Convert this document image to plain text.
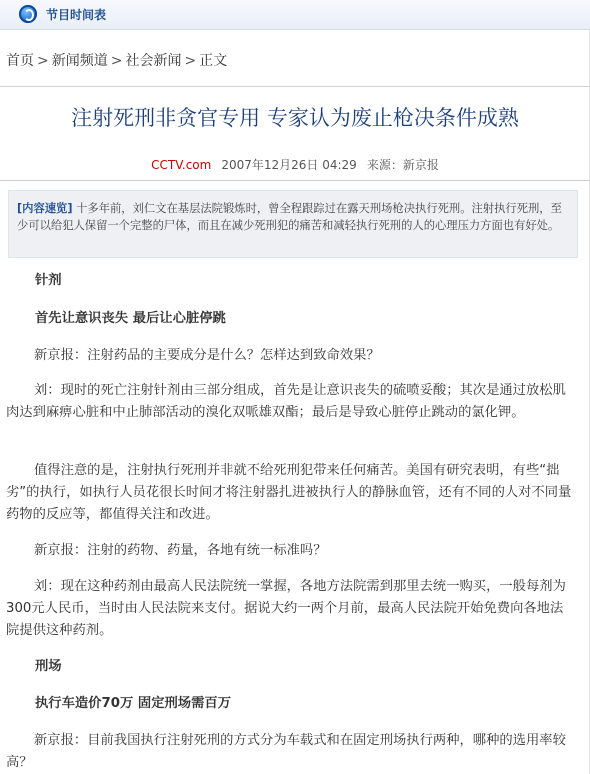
节目时间表
首页 > 新闻频道 > 社会新闻 > 正文
注射死刑非贪官专用 专家认为废止枪决条件成熟
CCTV.com 2007年12月26日 04:29 来源：新京报
[内容速览] 十多年前，刘仁文在基层法院锻炼时，曾全程跟踪过在露天刑场枪决执行死刑。注射执行死刑，至少可以给犯人保留一个完整的尸体，而且在减少死刑犯的痛苦和减轻执行死刑的人的心理压力方面也有好处。
针剂
首先让意识丧失 最后让心脏停跳

新京报：注射药品的主要成分是什么？怎样达到致命效果？

刘：现时的死亡注射针剂由三部分组成，首先是让意识丧失的硫喷妥酸；其次是通过放松肌肉达到麻痹心脏和中止肺部活动的溴化双哌雄双酯；最后是导致心脏停止跳动的氯化钾。

值得注意的是，注射执行死刑并非就不给死刑犯带来任何痛苦。美国有研究表明，有些“拙劣”的执行，如执行人员花很长时间才将注射器扎进被执行人的静脉血管，还有不同的人对不同量药物的反应等，都值得关注和改进。

新京报：注射的药物、药量，各地有统一标准吗？

刘：现在这种药剂由最高人民法院统一掌握，各地方法院需到那里去统一购买，一般每剂为300元人民币，当时由人民法院来支付。据说大约一两个月前，最高人民法院开始免费向各地法院提供这种药剂。

刑场
执行车造价70万 固定刑场需百万

新京报：目前我国执行注射死刑的方式分为车载式和在固定刑场执行两种，哪种的选用率较高？
